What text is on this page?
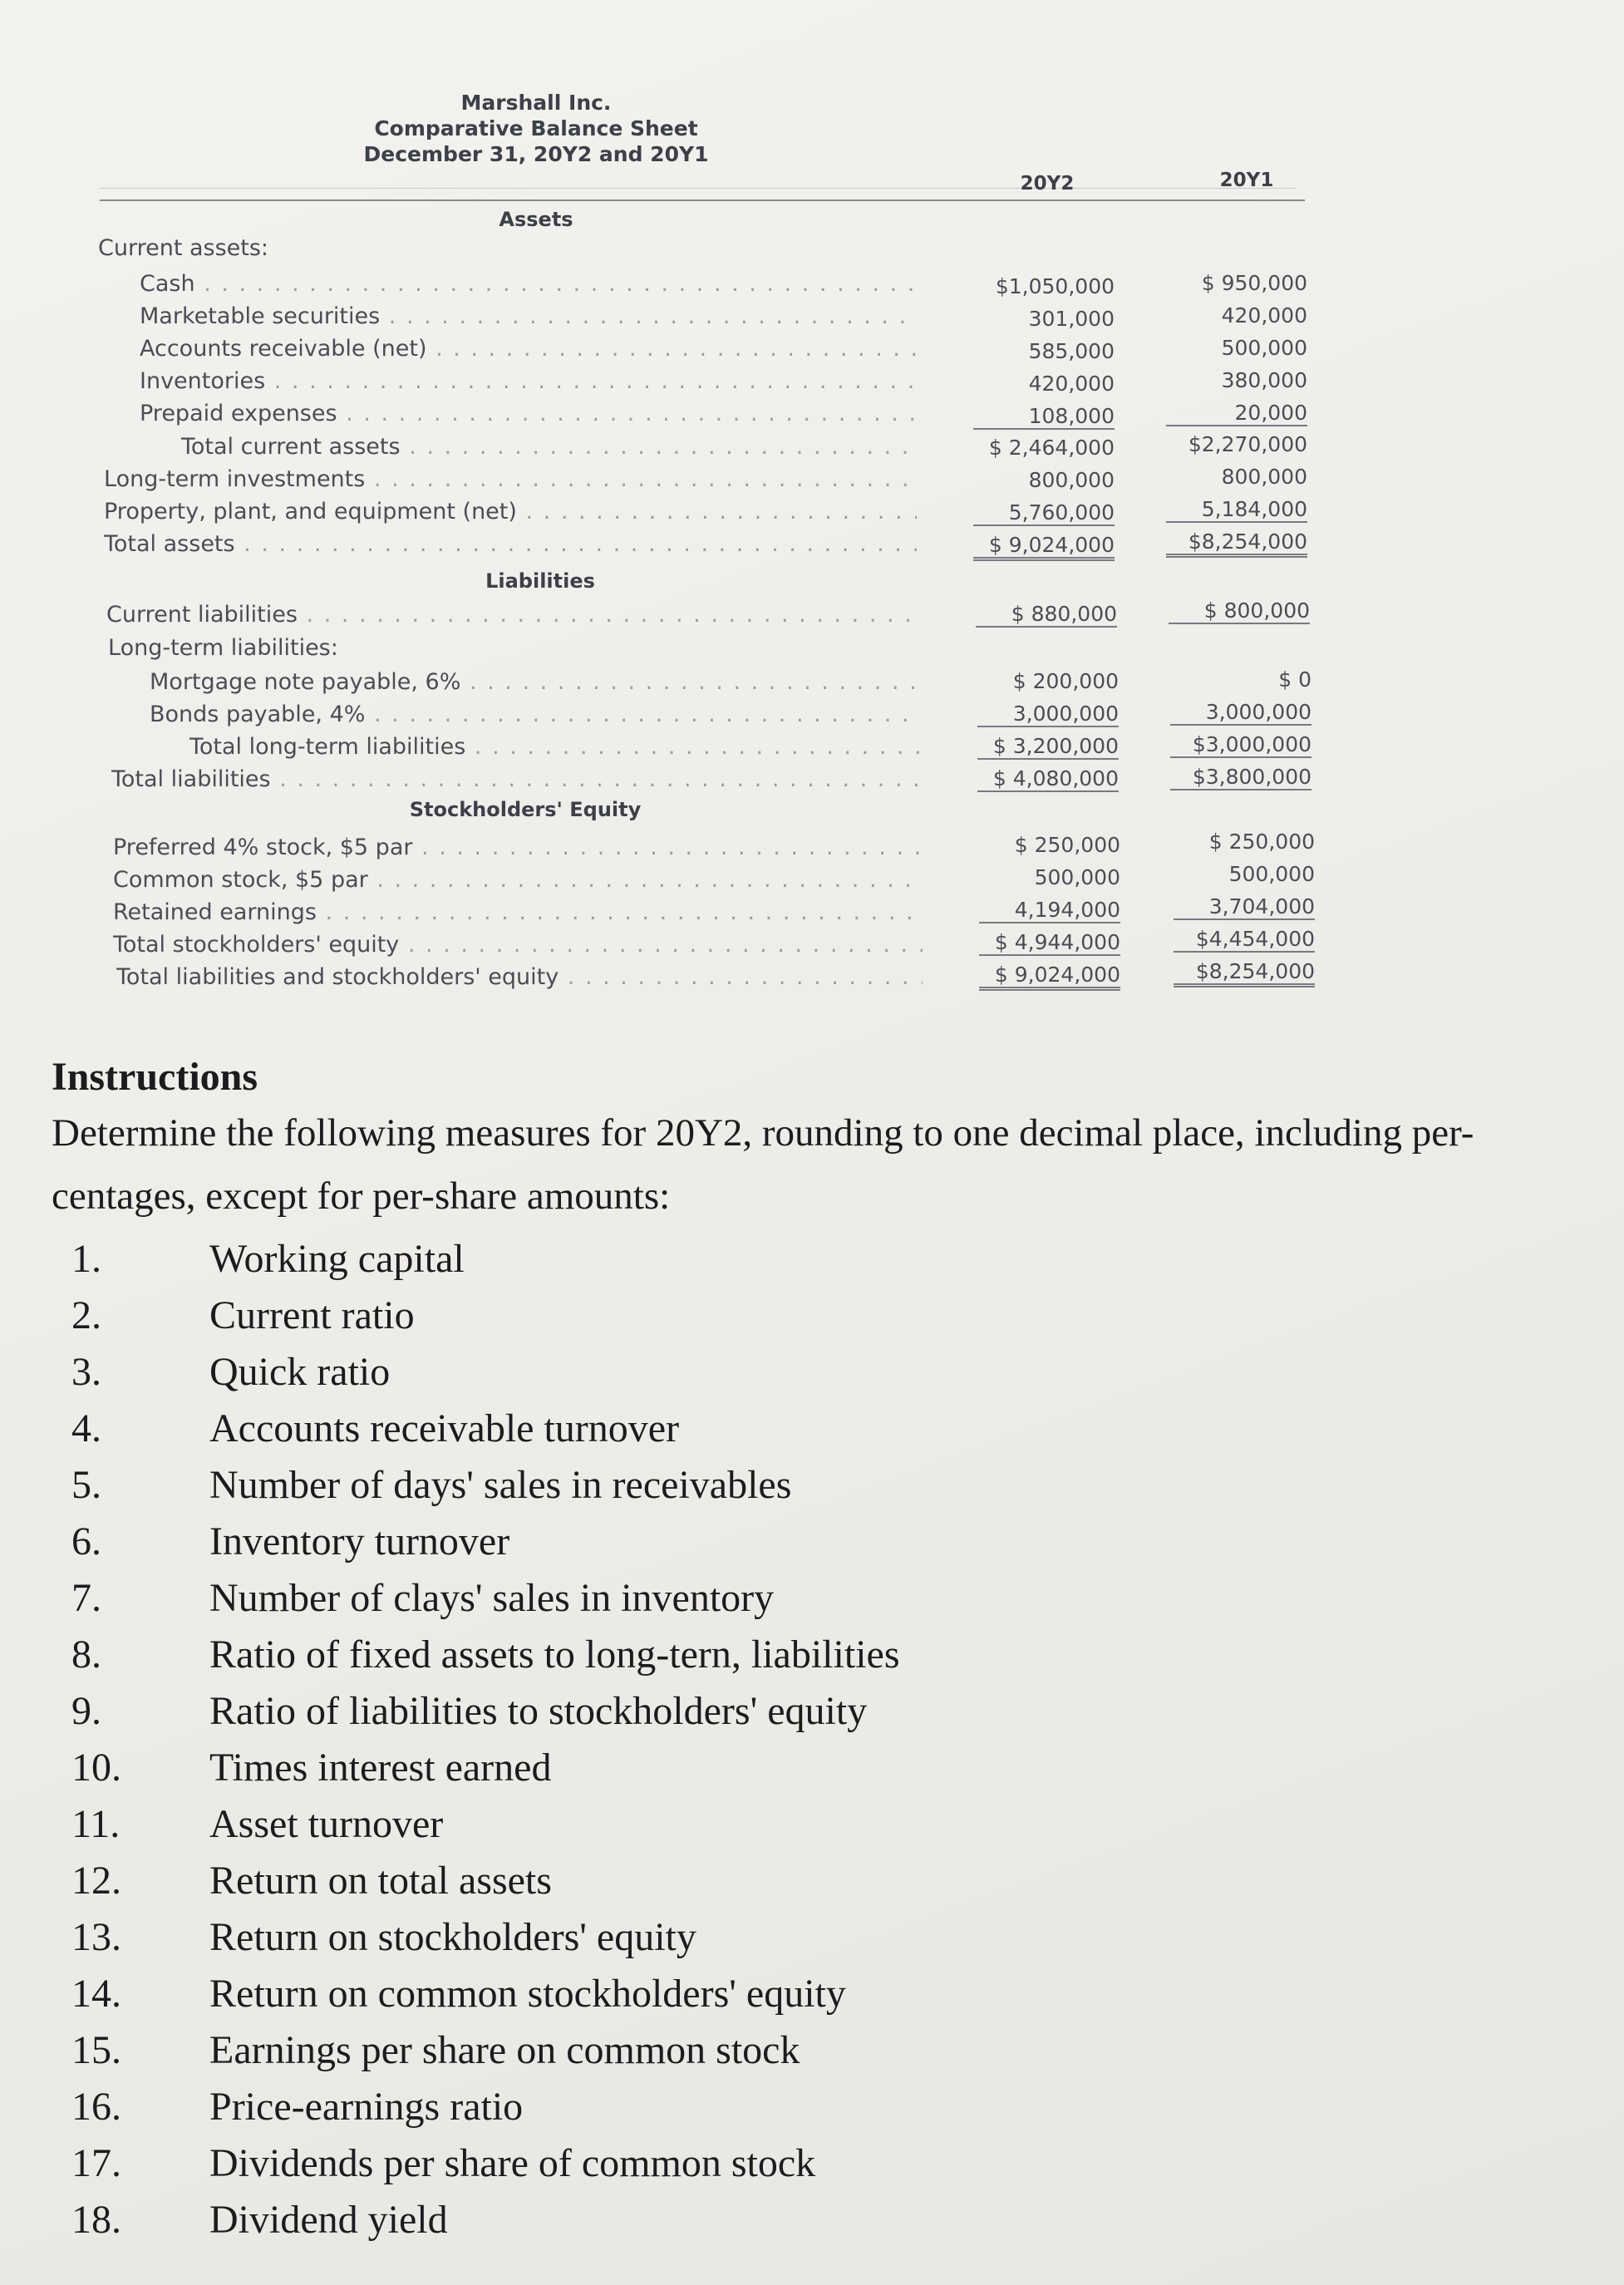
Marshall Inc.
Comparative Balance Sheet
December 31, 20Y2 and 20Y1
20Y2	20Y1
Assets
Current assets:
Cash . . .	$1,050,000	$ 950,000
Marketable securities . . .	301,000	420,000
Accounts receivable (net) . . .	585,000	500,000
Inventories . . .	420,000	380,000
Prepaid expenses . . .	108,000	20,000
Total current assets . . .	$ 2,464,000	$2,270,000
Long-term investments . . .	800,000	800,000
Property, plant, and equipment (net) . . .	5,760,000	5,184,000
Total assets . . .	$ 9,024,000	$8,254,000
Liabilities
Current liabilities . . .	$ 880,000	$ 800,000
Long-term liabilities:
Mortgage note payable, 6% . . .	$ 200,000	$ 0
Bonds payable, 4% . . .	3,000,000	3,000,000
Total long-term liabilities . . .	$ 3,200,000	$3,000,000
Total liabilities . . .	$ 4,080,000	$3,800,000
Stockholders' Equity
Preferred 4% stock, $5 par . . .	$ 250,000	$ 250,000
Common stock, $5 par . . .	500,000	500,000
Retained earnings . . .	4,194,000	3,704,000
Total stockholders' equity . . .	$ 4,944,000	$4,454,000
Total liabilities and stockholders' equity . . .	$ 9,024,000	$8,254,000

Instructions

Determine the following measures for 20Y2, rounding to one decimal place, including per-centages, except for per-share amounts:

1.	Working capital
2.	Current ratio
3.	Quick ratio
4.	Accounts receivable turnover
5.	Number of days' sales in receivables
6.	Inventory turnover
7.	Number of clays' sales in inventory
8.	Ratio of fixed assets to long-tern, liabilities
9.	Ratio of liabilities to stockholders' equity
10.	Times interest earned
11.	Asset turnover
12.	Return on total assets
13.	Return on stockholders' equity
14.	Return on common stockholders' equity
15.	Earnings per share on common stock
16.	Price-earnings ratio
17.	Dividends per share of common stock
18.	Dividend yield
